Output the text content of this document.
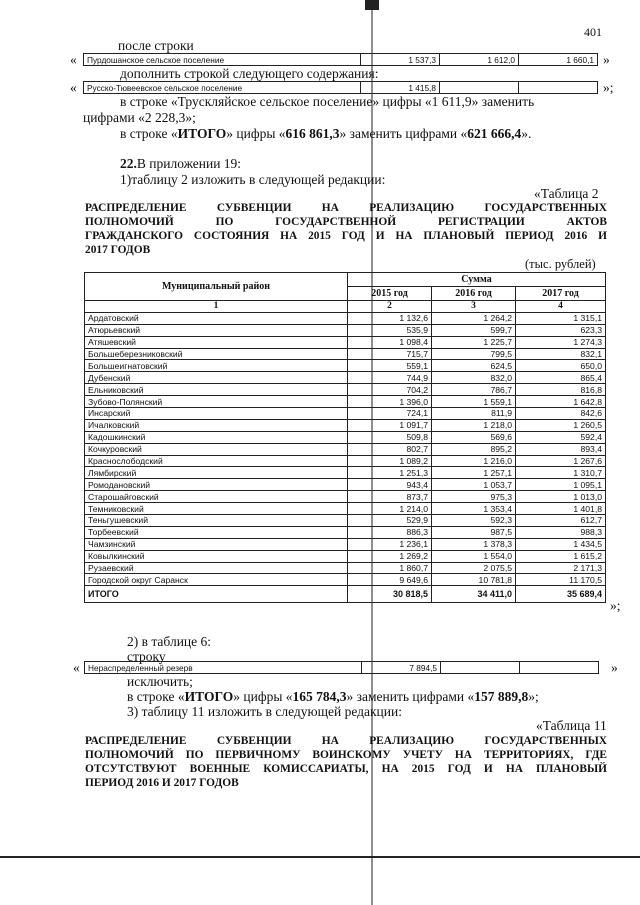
401
после строки
« Пурдошанское сельское поселение	1 537,3	1 612,0	1 660,1 »
дополнить строкой следующего содержания:
« Русско-Тювеевское сельское поселение	1 415,8			»;
в строке «Трускляйское сельское поселение» цифры «1 611,9» заменить
цифрами «2 228,3»;
в строке «ИТОГО» цифры «616 861,3» заменить цифрами «621 666,4».
22.В приложении 19:
1)таблицу 2 изложить в следующей редакции:
«Таблица 2
РАСПРЕДЕЛЕНИЕ СУБВЕНЦИИ НА РЕАЛИЗАЦИЮ ГОСУДАРСТВЕННЫХ
ПОЛНОМОЧИЙ ПО ГОСУДАРСТВЕННОЙ РЕГИСТРАЦИИ АКТОВ
ГРАЖДАНСКОГО СОСТОЯНИЯ НА 2015 ГОД И НА ПЛАНОВЫЙ ПЕРИОД 2016 И
2017 ГОДОВ
(тыс. рублей)
Муниципальный район	Сумма		
	2015 год	2016 год	2017 год
1	2	3	4
Ардатовский	1 132,6	1 264,2	1 315,1
Атюрьевский	535,9	599,7	623,3
Атяшевский	1 098,4	1 225,7	1 274,3
Большеберезниковский	715,7	799,5	832,1
Большеигнатовский	559,1	624,5	650,0
Дубенский	744,9	832,0	865,4
Ельниковский	704,2	786,7	816,8
Зубово-Полянский	1 396,0	1 559,1	1 642,8
Инсарский	724,1	811,9	842,6
Ичалковский	1 091,7	1 218,0	1 260,5
Кадошкинский	509,8	569,6	592,4
Кочкуровский	802,7	895,2	893,4
Краснослободский	1 089,2	1 216,0	1 267,6
Лямбирский	1 251,3	1 257,1	1 310,7
Ромодановский	943,4	1 053,7	1 095,1
Старошайговский	873,7	975,3	1 013,0
Темниковский	1 214,0	1 353,4	1 401,8
Теньгушевский	529,9	592,3	612,7
Торбеевский	886,3	987,5	988,3
Чамзинский	1 236,1	1 378,3	1 434,5
Ковылкинский	1 269,2	1 554,0	1 615,2
Рузаевский	1 860,7	2 075,5	2 171,3
Городской округ Саранск	9 649,6	10 781,8	11 170,5
ИТОГО	30 818,5	34 411,0	35 689,4
»;
2) в таблице 6:
строку
« Нераспределенный резерв	7 894,5			»
исключить;
в строке «ИТОГО» цифры «165 784,3» заменить цифрами «157 889,8»;
3) таблицу 11 изложить в следующей редакции:
«Таблица 11
РАСПРЕДЕЛЕНИЕ СУБВЕНЦИИ НА РЕАЛИЗАЦИЮ ГОСУДАРСТВЕННЫХ
ПОЛНОМОЧИЙ ПО ПЕРВИЧНОМУ ВОИНСКОМУ УЧЕТУ НА ТЕРРИТОРИЯХ, ГДЕ
ОТСУТСТВУЮТ ВОЕННЫЕ КОМИССАРИАТЫ, НА 2015 ГОД И НА ПЛАНОВЫЙ
ПЕРИОД 2016 И 2017 ГОДОВ
